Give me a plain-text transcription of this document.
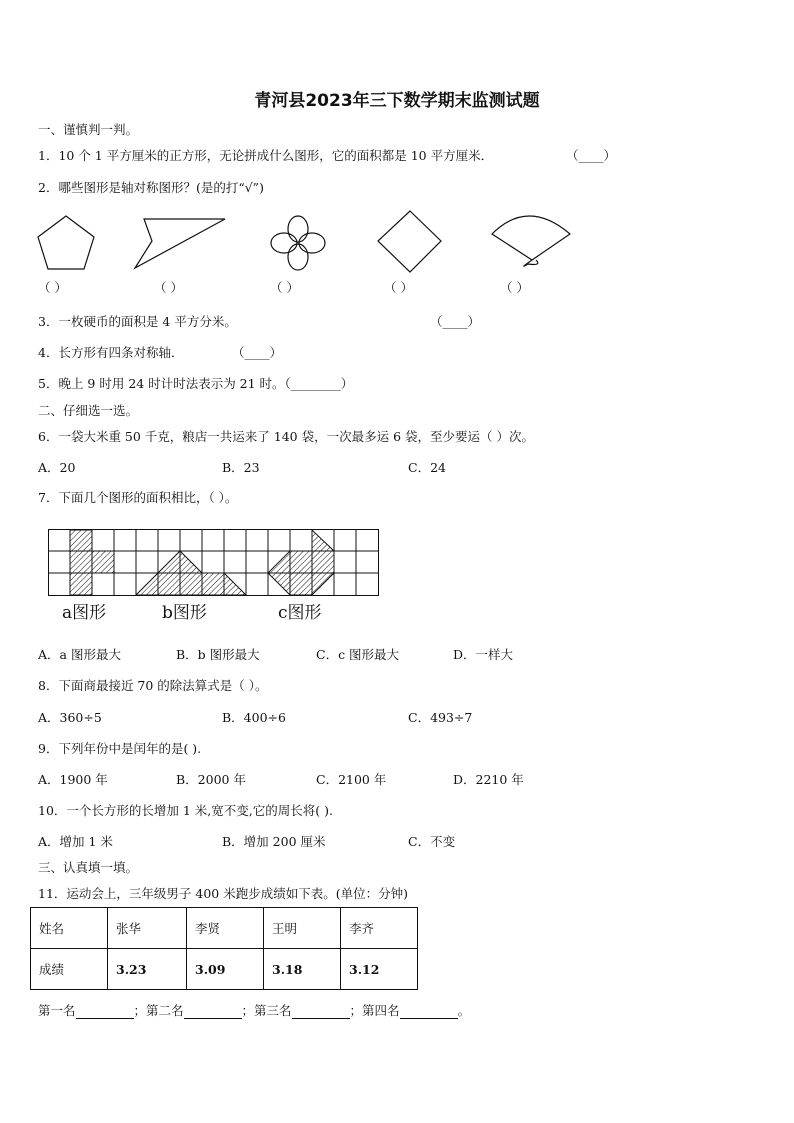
青河县2023年三下数学期末监测试题
一、谨慎判一判。
1．10 个 1 平方厘米的正方形，无论拼成什么图形，它的面积都是 10 平方厘米．	（____）
2．哪些图形是轴对称图形？(是的打“√”)
（ ）	（ ）	（ ）	（ ）	（ ）
3．一枚硬币的面积是 4 平方分米。	（____）
4．长方形有四条对称轴．	（____）
5．晚上 9 时用 24 时计时法表示为 21 时。（________）
二、仔细选一选。
6．一袋大米重 50 千克，粮店一共运来了 140 袋，一次最多运 6 袋，至少要运（ ）次。
A．20	B．23	C．24
7．下面几个图形的面积相比，（ ）。
a图形	b图形	c图形
A．a 图形最大	B．b 图形最大	C．c 图形最大	D．一样大
8．下面商最接近 70 的除法算式是（ ）。
A．360÷5	B．400÷6	C．493÷7
9．下列年份中是闰年的是( ).
A．1900 年	B．2000 年	C．2100 年	D．2210 年
10．一个长方形的长增加 1 米,宽不变,它的周长将( ).
A．增加 1 米	B．增加 200 厘米	C．不变
三、认真填一填。
11．运动会上，三年级男子 400 米跑步成绩如下表。(单位：分钟)
姓名	张华	李贤	王明	李齐
成绩	3.23	3.09	3.18	3.12
第一名	；第二名	；第三名	；第四名	。
